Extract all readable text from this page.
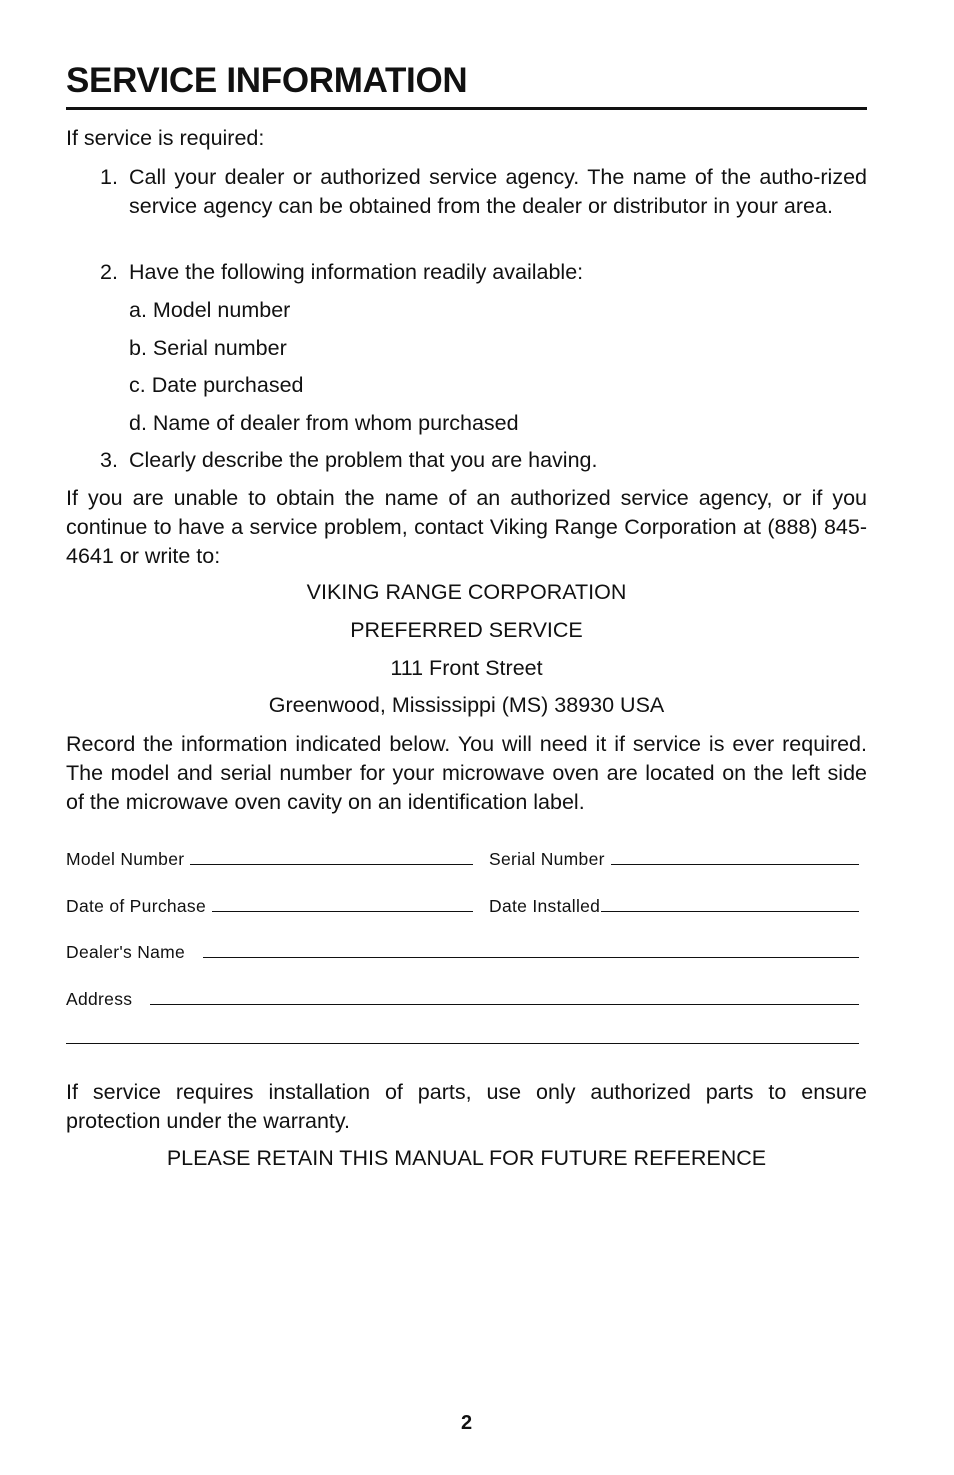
SERVICE INFORMATION

If service is required:

1. Call your dealer or authorized service agency. The name of the autho-rized service agency can be obtained from the dealer or distributor in your area.
2. Have the following information readily available:
a. Model number
b. Serial number
c. Date purchased
d. Name of dealer from whom purchased
3. Clearly describe the problem that you are having.

If you are unable to obtain the name of an authorized service agency, or if you continue to have a service problem, contact Viking Range Corporation at (888) 845-4641 or write to:

VIKING RANGE CORPORATION
PREFERRED SERVICE
111 Front Street
Greenwood, Mississippi (MS) 38930 USA

Record the information indicated below. You will need it if service is ever required. The model and serial number for your microwave oven are located on the left side of the microwave oven cavity on an identification label.

Model Number	Serial Number
Date of Purchase	Date Installed
Dealer's Name
Address

If service requires installation of parts, use only authorized parts to ensure protection under the warranty.

PLEASE RETAIN THIS MANUAL FOR FUTURE REFERENCE
2
